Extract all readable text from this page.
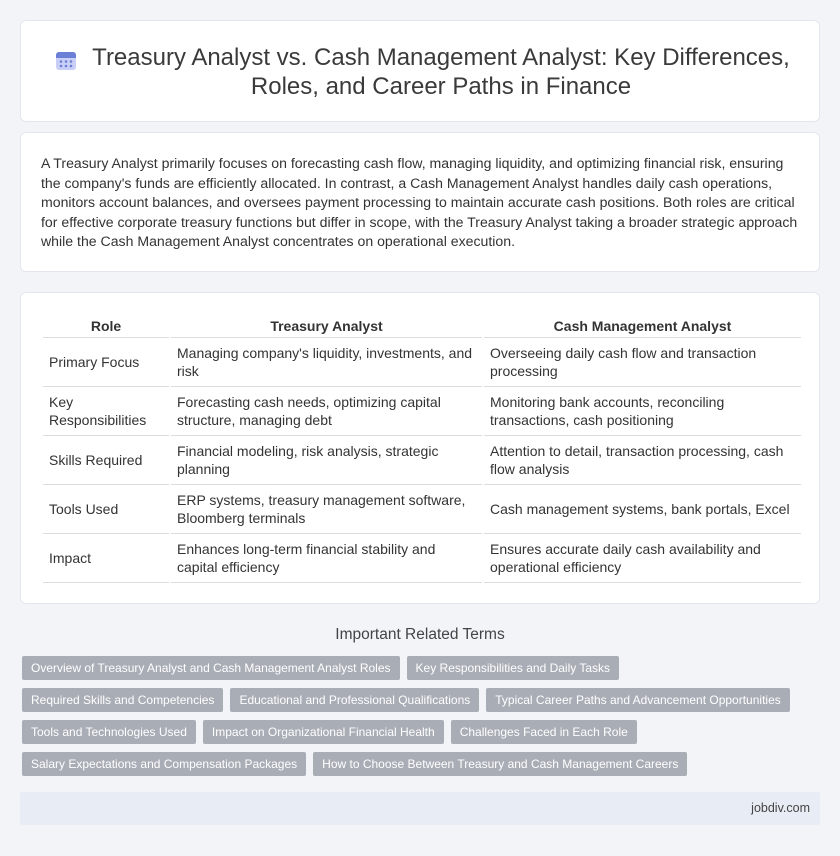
Treasury Analyst vs. Cash Management Analyst: Key Differences, Roles, and Career Paths in Finance

A Treasury Analyst primarily focuses on forecasting cash flow, managing liquidity, and optimizing financial risk, ensuring the company's funds are efficiently allocated. In contrast, a Cash Management Analyst handles daily cash operations, monitors account balances, and oversees payment processing to maintain accurate cash positions. Both roles are critical for effective corporate treasury functions but differ in scope, with the Treasury Analyst taking a broader strategic approach while the Cash Management Analyst concentrates on operational execution.

Role	Treasury Analyst	Cash Management Analyst
Primary Focus	Managing company's liquidity, investments, and risk	Overseeing daily cash flow and transaction processing
Key Responsibilities	Forecasting cash needs, optimizing capital structure, managing debt	Monitoring bank accounts, reconciling transactions, cash positioning
Skills Required	Financial modeling, risk analysis, strategic planning	Attention to detail, transaction processing, cash flow analysis
Tools Used	ERP systems, treasury management software, Bloomberg terminals	Cash management systems, bank portals, Excel
Impact	Enhances long-term financial stability and capital efficiency	Ensures accurate daily cash availability and operational efficiency
Important Related Terms
Overview of Treasury Analyst and Cash Management Analyst Roles	Key Responsibilities and Daily Tasks
Required Skills and Competencies	Educational and Professional Qualifications	Typical Career Paths and Advancement Opportunities
Tools and Technologies Used	Impact on Organizational Financial Health	Challenges Faced in Each Role
Salary Expectations and Compensation Packages	How to Choose Between Treasury and Cash Management Careers
jobdiv.com
